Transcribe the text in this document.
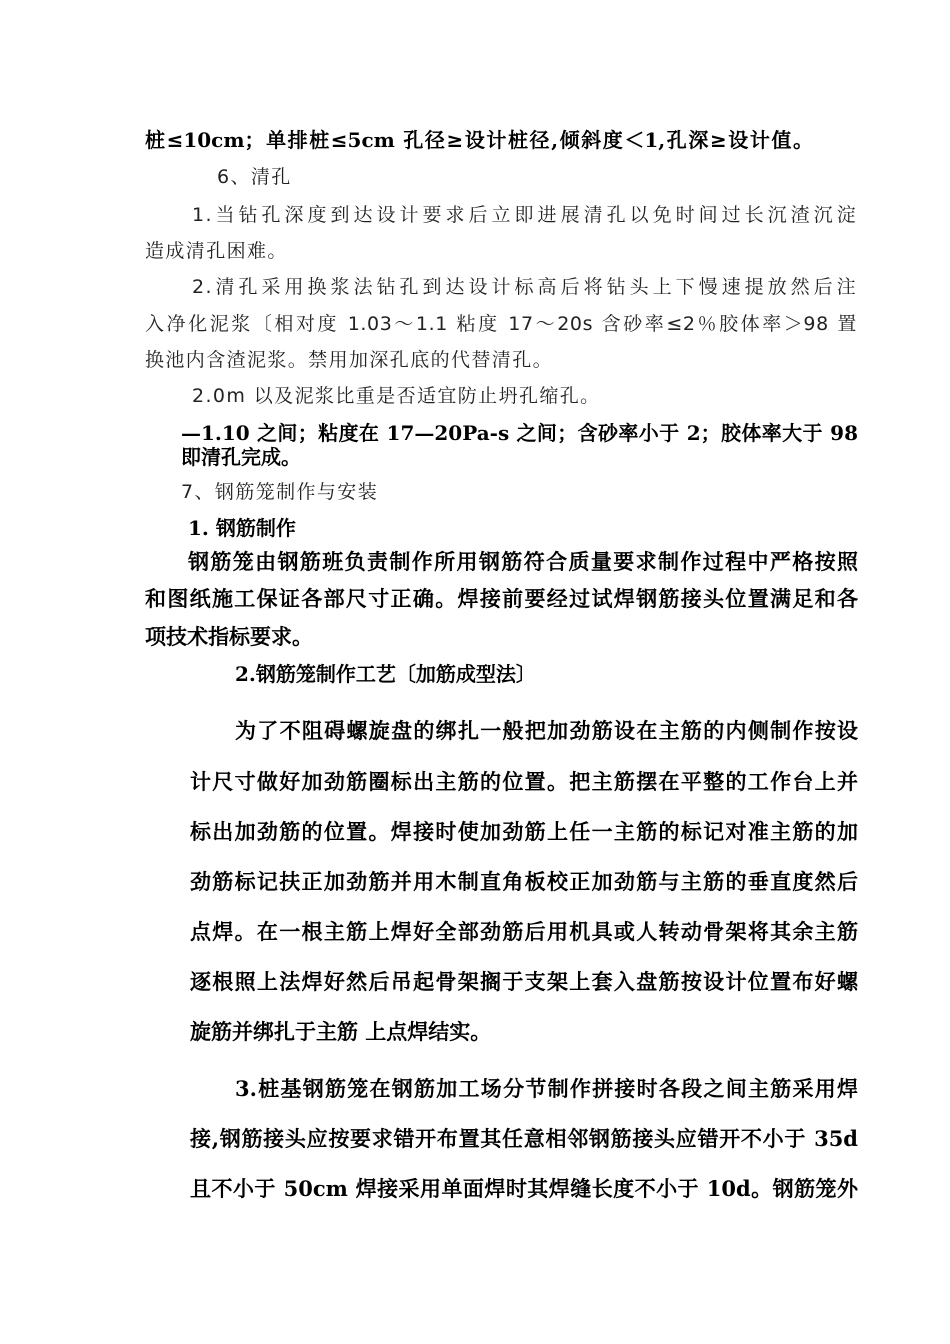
桩≤10cm；单排桩≤5cm 孔径≥设计桩径,倾斜度＜1,孔深≥设计值。

6、清孔

1.当钻孔深度到达设计要求后立即进展清孔以免时间过长沉渣沉淀

造成清孔困难。

2.清孔采用换浆法钻孔到达设计标高后将钻头上下慢速提放然后注

入净化泥浆〔相对度 1.03～1.1 粘度 17～20s 含砂率≤2％胶体率＞98 置

换池内含渣泥浆。禁用加深孔底的代替清孔。

2.0m 以及泥浆比重是否适宜防止坍孔缩孔。

—1.10 之间；粘度在 17—20Pa-s 之间；含砂率小于 2；胶体率大于 98

即清孔完成。

7、钢筋笼制作与安装

1. 钢筋制作

钢筋笼由钢筋班负责制作所用钢筋符合质量要求制作过程中严格按照

和图纸施工保证各部尺寸正确。焊接前要经过试焊钢筋接头位置满足和各

项技术指标要求。

2.钢筋笼制作工艺〔加筋成型法〕

为了不阻碍螺旋盘的绑扎一般把加劲筋设在主筋的内侧制作按设

计尺寸做好加劲筋圈标出主筋的位置。把主筋摆在平整的工作台上并

标出加劲筋的位置。焊接时使加劲筋上任一主筋的标记对准主筋的加

劲筋标记扶正加劲筋并用木制直角板校正加劲筋与主筋的垂直度然后

点焊。在一根主筋上焊好全部劲筋后用机具或人转动骨架将其余主筋

逐根照上法焊好然后吊起骨架搁于支架上套入盘筋按设计位置布好螺

旋筋并绑扎于主筋 上点焊结实。

3.桩基钢筋笼在钢筋加工场分节制作拼接时各段之间主筋采用焊

接,钢筋接头应按要求错开布置其任意相邻钢筋接头应错开不小于 35d

且不小于 50cm 焊接采用单面焊时其焊缝长度不小于 10d。钢筋笼外
